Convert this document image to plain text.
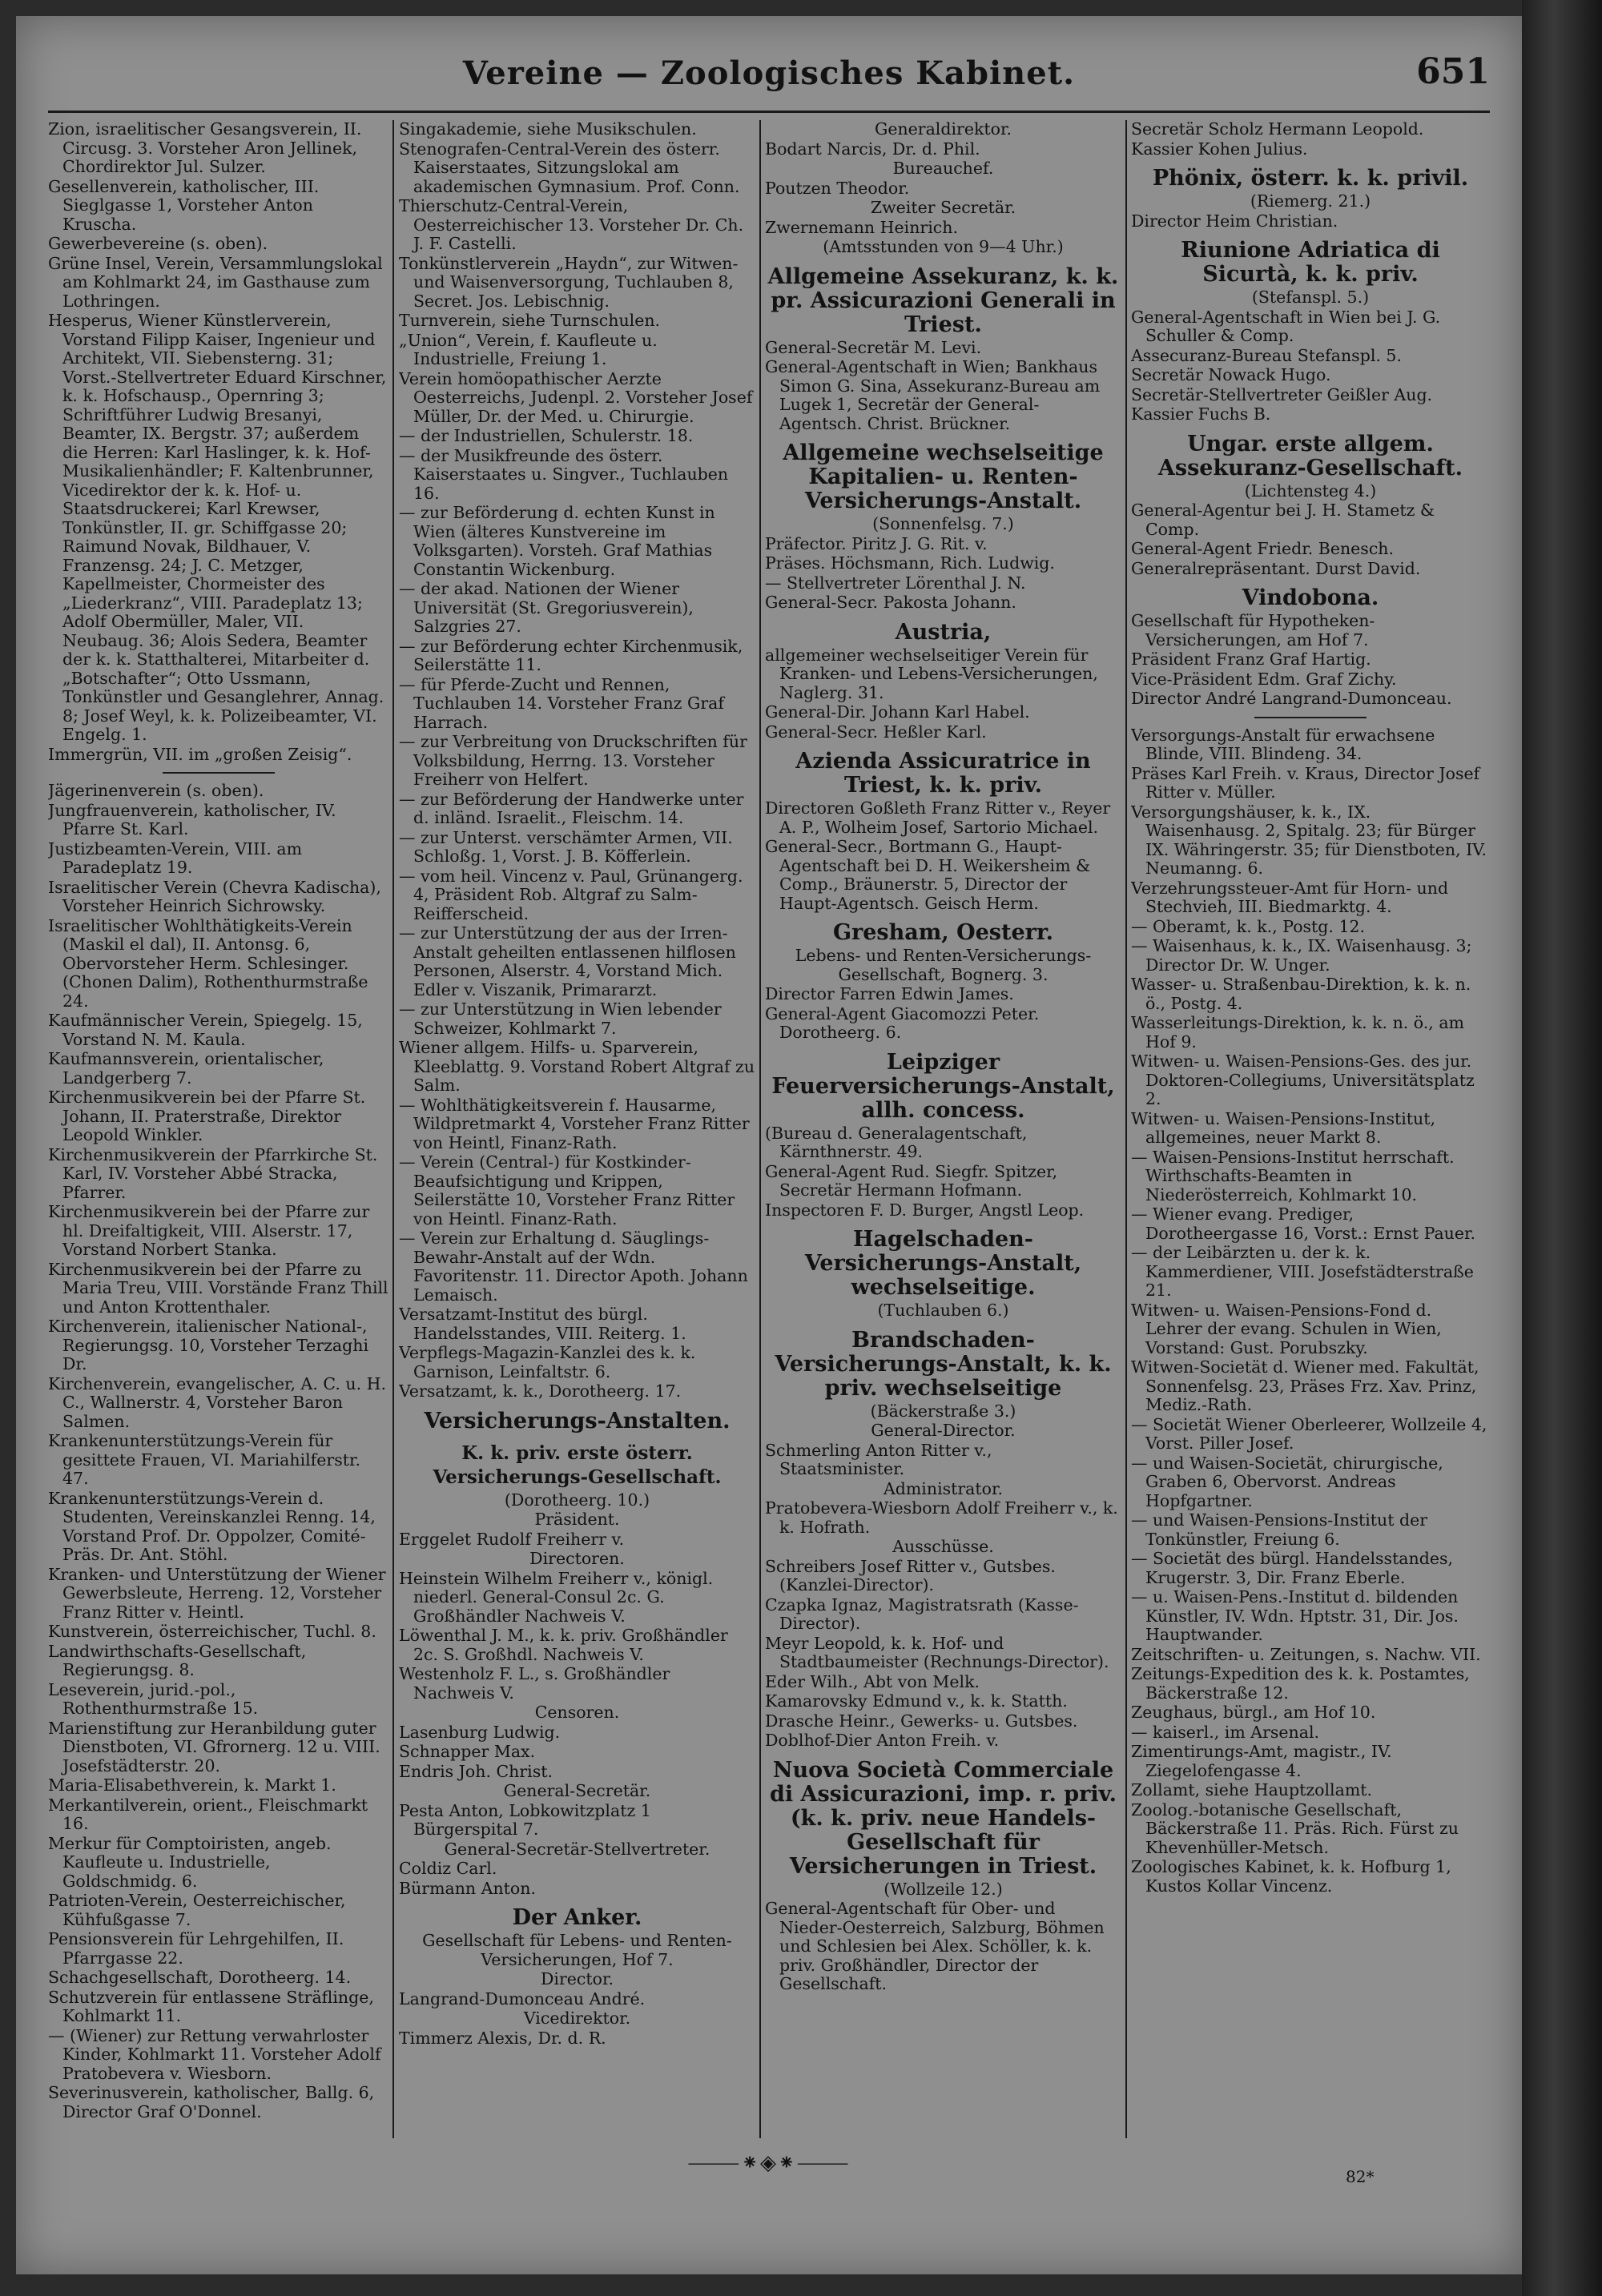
Vereine — Zoologisches Kabinet.	651

Zion, israelitischer Gesangsverein, II. Circusg. 3. Vorsteher Aron Jellinek, Chordirektor Jul. Sulzer.

Gesellenverein, katholischer, III. Sieglgasse 1, Vorsteher Anton Kruscha.

Gewerbevereine (s. oben).

Grüne Insel, Verein, Versammlungslokal am Kohlmarkt 24, im Gasthause zum Lothringen.

Hesperus, Wiener Künstlerverein, Vorstand Filipp Kaiser, Ingenieur und Architekt, VII. Siebensterng. 31; Vorst.-Stellvertreter Eduard Kirschner, k. k. Hofschausp., Opernring 3; Schriftführer Ludwig Bresanyi, Beamter, IX. Bergstr. 37; außerdem die Herren: Karl Haslinger, k. k. Hof-Musikalienhändler; F. Kaltenbrunner, Vicedirektor der k. k. Hof- u. Staatsdruckerei; Karl Krewser, Tonkünstler, II. gr. Schiffgasse 20; Raimund Novak, Bildhauer, V. Franzensg. 24; J. C. Metzger, Kapellmeister, Chormeister des „Liederkranz“, VIII. Paradeplatz 13; Adolf Obermüller, Maler, VII. Neubaug. 36; Alois Sedera, Beamter der k. k. Statthalterei, Mitarbeiter d. „Botschafter“; Otto Ussmann, Tonkünstler und Gesanglehrer, Annag. 8; Josef Weyl, k. k. Polizeibeamter, VI. Engelg. 1.

Immergrün, VII. im „großen Zeisig“.

Jägerinenverein (s. oben).

Jungfrauenverein, katholischer, IV. Pfarre St. Karl.

Justizbeamten-Verein, VIII. am Paradeplatz 19.

Israelitischer Verein (Chevra Kadischa), Vorsteher Heinrich Sichrowsky.

Israelitischer Wohlthätigkeits-Verein (Maskil el dal), II. Antonsg. 6, Obervorsteher Herm. Schlesinger. (Chonen Dalim), Rothenthurmstraße 24.

Kaufmännischer Verein, Spiegelg. 15, Vorstand N. M. Kaula.

Kaufmannsverein, orientalischer, Landgerberg 7.

Kirchenmusikverein bei der Pfarre St. Johann, II. Praterstraße, Direktor Leopold Winkler.

Kirchenmusikverein der Pfarrkirche St. Karl, IV. Vorsteher Abbé Stracka, Pfarrer.

Kirchenmusikverein bei der Pfarre zur hl. Dreifaltigkeit, VIII. Alserstr. 17, Vorstand Norbert Stanka.

Kirchenmusikverein bei der Pfarre zu Maria Treu, VIII. Vorstände Franz Thill und Anton Krottenthaler.

Kirchenverein, italienischer National-, Regierungsg. 10, Vorsteher Terzaghi Dr.

Kirchenverein, evangelischer, A. C. u. H. C., Wallnerstr. 4, Vorsteher Baron Salmen.

Krankenunterstützungs-Verein für gesittete Frauen, VI. Mariahilferstr. 47.

Krankenunterstützungs-Verein d. Studenten, Vereinskanzlei Renng. 14, Vorstand Prof. Dr. Oppolzer, Comité-Präs. Dr. Ant. Stöhl.

Kranken- und Unterstützung der Wiener Gewerbsleute, Herreng. 12, Vorsteher Franz Ritter v. Heintl.

Kunstverein, österreichischer, Tuchl. 8.

Landwirthschafts-Gesellschaft, Regierungsg. 8.

Leseverein, jurid.-pol., Rothenthurmstraße 15.

Marienstiftung zur Heranbildung guter Dienstboten, VI. Gfrornerg. 12 u. VIII. Josefstädterstr. 20.

Maria-Elisabethverein, k. Markt 1.

Merkantilverein, orient., Fleischmarkt 16.

Merkur für Comptoiristen, angeb. Kaufleute u. Industrielle, Goldschmidg. 6.

Patrioten-Verein, Oesterreichischer, Kühfußgasse 7.

Pensionsverein für Lehrgehilfen, II. Pfarrgasse 22.

Schachgesellschaft, Dorotheerg. 14.

Schutzverein für entlassene Sträflinge, Kohlmarkt 11.

— (Wiener) zur Rettung verwahrloster Kinder, Kohlmarkt 11. Vorsteher Adolf Pratobevera v. Wiesborn.

Severinusverein, katholischer, Ballg. 6, Director Graf O'Donnel.

Singakademie, siehe Musikschulen.

Stenografen-Central-Verein des österr. Kaiserstaates, Sitzungslokal am akademischen Gymnasium. Prof. Conn.

Thierschutz-Central-Verein, Oesterreichischer 13. Vorsteher Dr. Ch. J. F. Castelli.

Tonkünstlerverein „Haydn“, zur Witwen- und Waisenversorgung, Tuchlauben 8, Secret. Jos. Lebischnig.

Turnverein, siehe Turnschulen.

„Union“, Verein, f. Kaufleute u. Industrielle, Freiung 1.

Verein homöopathischer Aerzte Oesterreichs, Judenpl. 2. Vorsteher Josef Müller, Dr. der Med. u. Chirurgie.

— der Industriellen, Schulerstr. 18.

— der Musikfreunde des österr. Kaiserstaates u. Singver., Tuchlauben 16.

— zur Beförderung d. echten Kunst in Wien (älteres Kunstvereine im Volksgarten). Vorsteh. Graf Mathias Constantin Wickenburg.

— der akad. Nationen der Wiener Universität (St. Gregoriusverein), Salzgries 27.

— zur Beförderung echter Kirchenmusik, Seilerstätte 11.

— für Pferde-Zucht und Rennen, Tuchlauben 14. Vorsteher Franz Graf Harrach.

— zur Verbreitung von Druckschriften für Volksbildung, Herrng. 13. Vorsteher Freiherr von Helfert.

— zur Beförderung der Handwerke unter d. inländ. Israelit., Fleischm. 14.

— zur Unterst. verschämter Armen, VII. Schloßg. 1, Vorst. J. B. Köfferlein.

— vom heil. Vincenz v. Paul, Grünangerg. 4, Präsident Rob. Altgraf zu Salm-Reifferscheid.

— zur Unterstützung der aus der Irren-Anstalt geheilten entlassenen hilflosen Personen, Alserstr. 4, Vorstand Mich. Edler v. Viszanik, Primararzt.

— zur Unterstützung in Wien lebender Schweizer, Kohlmarkt 7.

Wiener allgem. Hilfs- u. Sparverein, Kleeblattg. 9. Vorstand Robert Altgraf zu Salm.

— Wohlthätigkeitsverein f. Hausarme, Wildpretmarkt 4, Vorsteher Franz Ritter von Heintl, Finanz-Rath.

— Verein (Central-) für Kostkinder-Beaufsichtigung und Krippen, Seilerstätte 10, Vorsteher Franz Ritter von Heintl. Finanz-Rath.

— Verein zur Erhaltung d. Säuglings-Bewahr-Anstalt auf der Wdn. Favoritenstr. 11. Director Apoth. Johann Lemaisch.

Versatzamt-Institut des bürgl. Handelsstandes, VIII. Reiterg. 1.

Verpflegs-Magazin-Kanzlei des k. k. Garnison, Leinfaltstr. 6.

Versatzamt, k. k., Dorotheerg. 17.

Versicherungs-Anstalten.

K. k. priv. erste österr. Versicherungs-Gesellschaft.

(Dorotheerg. 10.)

Präsident.

Erggelet Rudolf Freiherr v.

Directoren.

Heinstein Wilhelm Freiherr v., königl. niederl. General-Consul 2c. G. Großhändler Nachweis V.

Löwenthal J. M., k. k. priv. Großhändler 2c. S. Großhdl. Nachweis V.

Westenholz F. L., s. Großhändler Nachweis V.

Censoren.

Lasenburg Ludwig.

Schnapper Max.

Endris Joh. Christ.

General-Secretär.

Pesta Anton, Lobkowitzplatz 1 Bürgerspital 7.

General-Secretär-Stellvertreter.

Coldiz Carl.

Bürmann Anton.

Der Anker.

Gesellschaft für Lebens- und Renten-Versicherungen, Hof 7.

Director.

Langrand-Dumonceau André.

Vicedirektor.

Timmerz Alexis, Dr. d. R.

Generaldirektor.

Bodart Narcis, Dr. d. Phil.

Bureauchef.

Poutzen Theodor.

Zweiter Secretär.

Zwernemann Heinrich.

(Amtsstunden von 9—4 Uhr.)

Allgemeine Assekuranz, k. k. pr. Assicurazioni Generali in Triest.

General-Secretär M. Levi.

General-Agentschaft in Wien; Bankhaus Simon G. Sina, Assekuranz-Bureau am Lugek 1, Secretär der General-Agentsch. Christ. Brückner.

Allgemeine wechselseitige Kapitalien- u. Renten-Versicherungs-Anstalt.

(Sonnenfelsg. 7.)

Präfector. Piritz J. G. Rit. v.

Präses. Höchsmann, Rich. Ludwig.

— Stellvertreter Lörenthal J. N.

General-Secr. Pakosta Johann.

Austria,

allgemeiner wechselseitiger Verein für Kranken- und Lebens-Versicherungen, Naglerg. 31.

General-Dir. Johann Karl Habel.

General-Secr. Heßler Karl.

Azienda Assicuratrice in Triest, k. k. priv.

Directoren Goßleth Franz Ritter v., Reyer A. P., Wolheim Josef, Sartorio Michael.

General-Secr., Bortmann G., Haupt-Agentschaft bei D. H. Weikersheim & Comp., Bräunerstr. 5, Director der Haupt-Agentsch. Geisch Herm.

Gresham, Oesterr.

Lebens- und Renten-Versicherungs-Gesellschaft, Bognerg. 3.

Director Farren Edwin James.

General-Agent Giacomozzi Peter. Dorotheerg. 6.

Leipziger Feuerversicherungs-Anstalt, allh. concess.

(Bureau d. Generalagentschaft, Kärnthnerstr. 49.

General-Agent Rud. Siegfr. Spitzer, Secretär Hermann Hofmann.

Inspectoren F. D. Burger, Angstl Leop.

Hagelschaden-Versicherungs-Anstalt, wechselseitige.

(Tuchlauben 6.)

Brandschaden-Versicherungs-Anstalt, k. k. priv. wechselseitige

(Bäckerstraße 3.)

General-Director.

Schmerling Anton Ritter v., Staatsminister.

Administrator.

Pratobevera-Wiesborn Adolf Freiherr v., k. k. Hofrath.

Ausschüsse.

Schreibers Josef Ritter v., Gutsbes. (Kanzlei-Director).

Czapka Ignaz, Magistratsrath (Kasse-Director).

Meyr Leopold, k. k. Hof- und Stadtbaumeister (Rechnungs-Director).

Eder Wilh., Abt von Melk.

Kamarovsky Edmund v., k. k. Statth.

Drasche Heinr., Gewerks- u. Gutsbes.

Doblhof-Dier Anton Freih. v.

Nuova Società Commerciale di Assicurazioni, imp. r. priv. (k. k. priv. neue Handels-Gesellschaft für Versicherungen in Triest.

(Wollzeile 12.)

General-Agentschaft für Ober- und Nieder-Oesterreich, Salzburg, Böhmen und Schlesien bei Alex. Schöller, k. k. priv. Großhändler, Director der Gesellschaft.

Secretär Scholz Hermann Leopold.

Kassier Kohen Julius.

Phönix, österr. k. k. privil.

(Riemerg. 21.)

Director Heim Christian.

Riunione Adriatica di Sicurtà, k. k. priv.

(Stefanspl. 5.)

General-Agentschaft in Wien bei J. G. Schuller & Comp.

Assecuranz-Bureau Stefanspl. 5.

Secretär Nowack Hugo.

Secretär-Stellvertreter Geißler Aug.

Kassier Fuchs B.

Ungar. erste allgem. Assekuranz-Gesellschaft.

(Lichtensteg 4.)

General-Agentur bei J. H. Stametz & Comp.

General-Agent Friedr. Benesch.

Generalrepräsentant. Durst David.

Vindobona.

Gesellschaft für Hypotheken-Versicherungen, am Hof 7.

Präsident Franz Graf Hartig.

Vice-Präsident Edm. Graf Zichy.

Director André Langrand-Dumonceau.

Versorgungs-Anstalt für erwachsene Blinde, VIII. Blindeng. 34.

Präses Karl Freih. v. Kraus, Director Josef Ritter v. Müller.

Versorgungshäuser, k. k., IX. Waisenhausg. 2, Spitalg. 23; für Bürger IX. Währingerstr. 35; für Dienstboten, IV. Neumanng. 6.

Verzehrungssteuer-Amt für Horn- und Stechvieh, III. Biedmarktg. 4.

— Oberamt, k. k., Postg. 12.

— Waisenhaus, k. k., IX. Waisenhausg. 3; Director Dr. W. Unger.

Wasser- u. Straßenbau-Direktion, k. k. n. ö., Postg. 4.

Wasserleitungs-Direktion, k. k. n. ö., am Hof 9.

Witwen- u. Waisen-Pensions-Ges. des jur. Doktoren-Collegiums, Universitätsplatz 2.

Witwen- u. Waisen-Pensions-Institut, allgemeines, neuer Markt 8.

— Waisen-Pensions-Institut herrschaft. Wirthschafts-Beamten in Niederösterreich, Kohlmarkt 10.

— Wiener evang. Prediger, Dorotheergasse 16, Vorst.: Ernst Pauer.

— der Leibärzten u. der k. k. Kammerdiener, VIII. Josefstädterstraße 21.

Witwen- u. Waisen-Pensions-Fond d. Lehrer der evang. Schulen in Wien, Vorstand: Gust. Porubszky.

Witwen-Societät d. Wiener med. Fakultät, Sonnenfelsg. 23, Präses Frz. Xav. Prinz, Mediz.-Rath.

— Societät Wiener Oberleerer, Wollzeile 4, Vorst. Piller Josef.

— und Waisen-Societät, chirurgische, Graben 6, Obervorst. Andreas Hopfgartner.

— und Waisen-Pensions-Institut der Tonkünstler, Freiung 6.

— Societät des bürgl. Handelsstandes, Krugerstr. 3, Dir. Franz Eberle.

— u. Waisen-Pens.-Institut d. bildenden Künstler, IV. Wdn. Hptstr. 31, Dir. Jos. Hauptwander.

Zeitschriften- u. Zeitungen, s. Nachw. VII.

Zeitungs-Expedition des k. k. Postamtes, Bäckerstraße 12.

Zeughaus, bürgl., am Hof 10.

— kaiserl., im Arsenal.

Zimentirungs-Amt, magistr., IV. Ziegelofengasse 4.

Zollamt, siehe Hauptzollamt.

Zoolog.-botanische Gesellschaft, Bäckerstraße 11. Präs. Rich. Fürst zu Khevenhüller-Metsch.

Zoologisches Kabinet, k. k. Hofburg 1, Kustos Kollar Vincenz.

⸻⁕◈⁕⸻
82*
